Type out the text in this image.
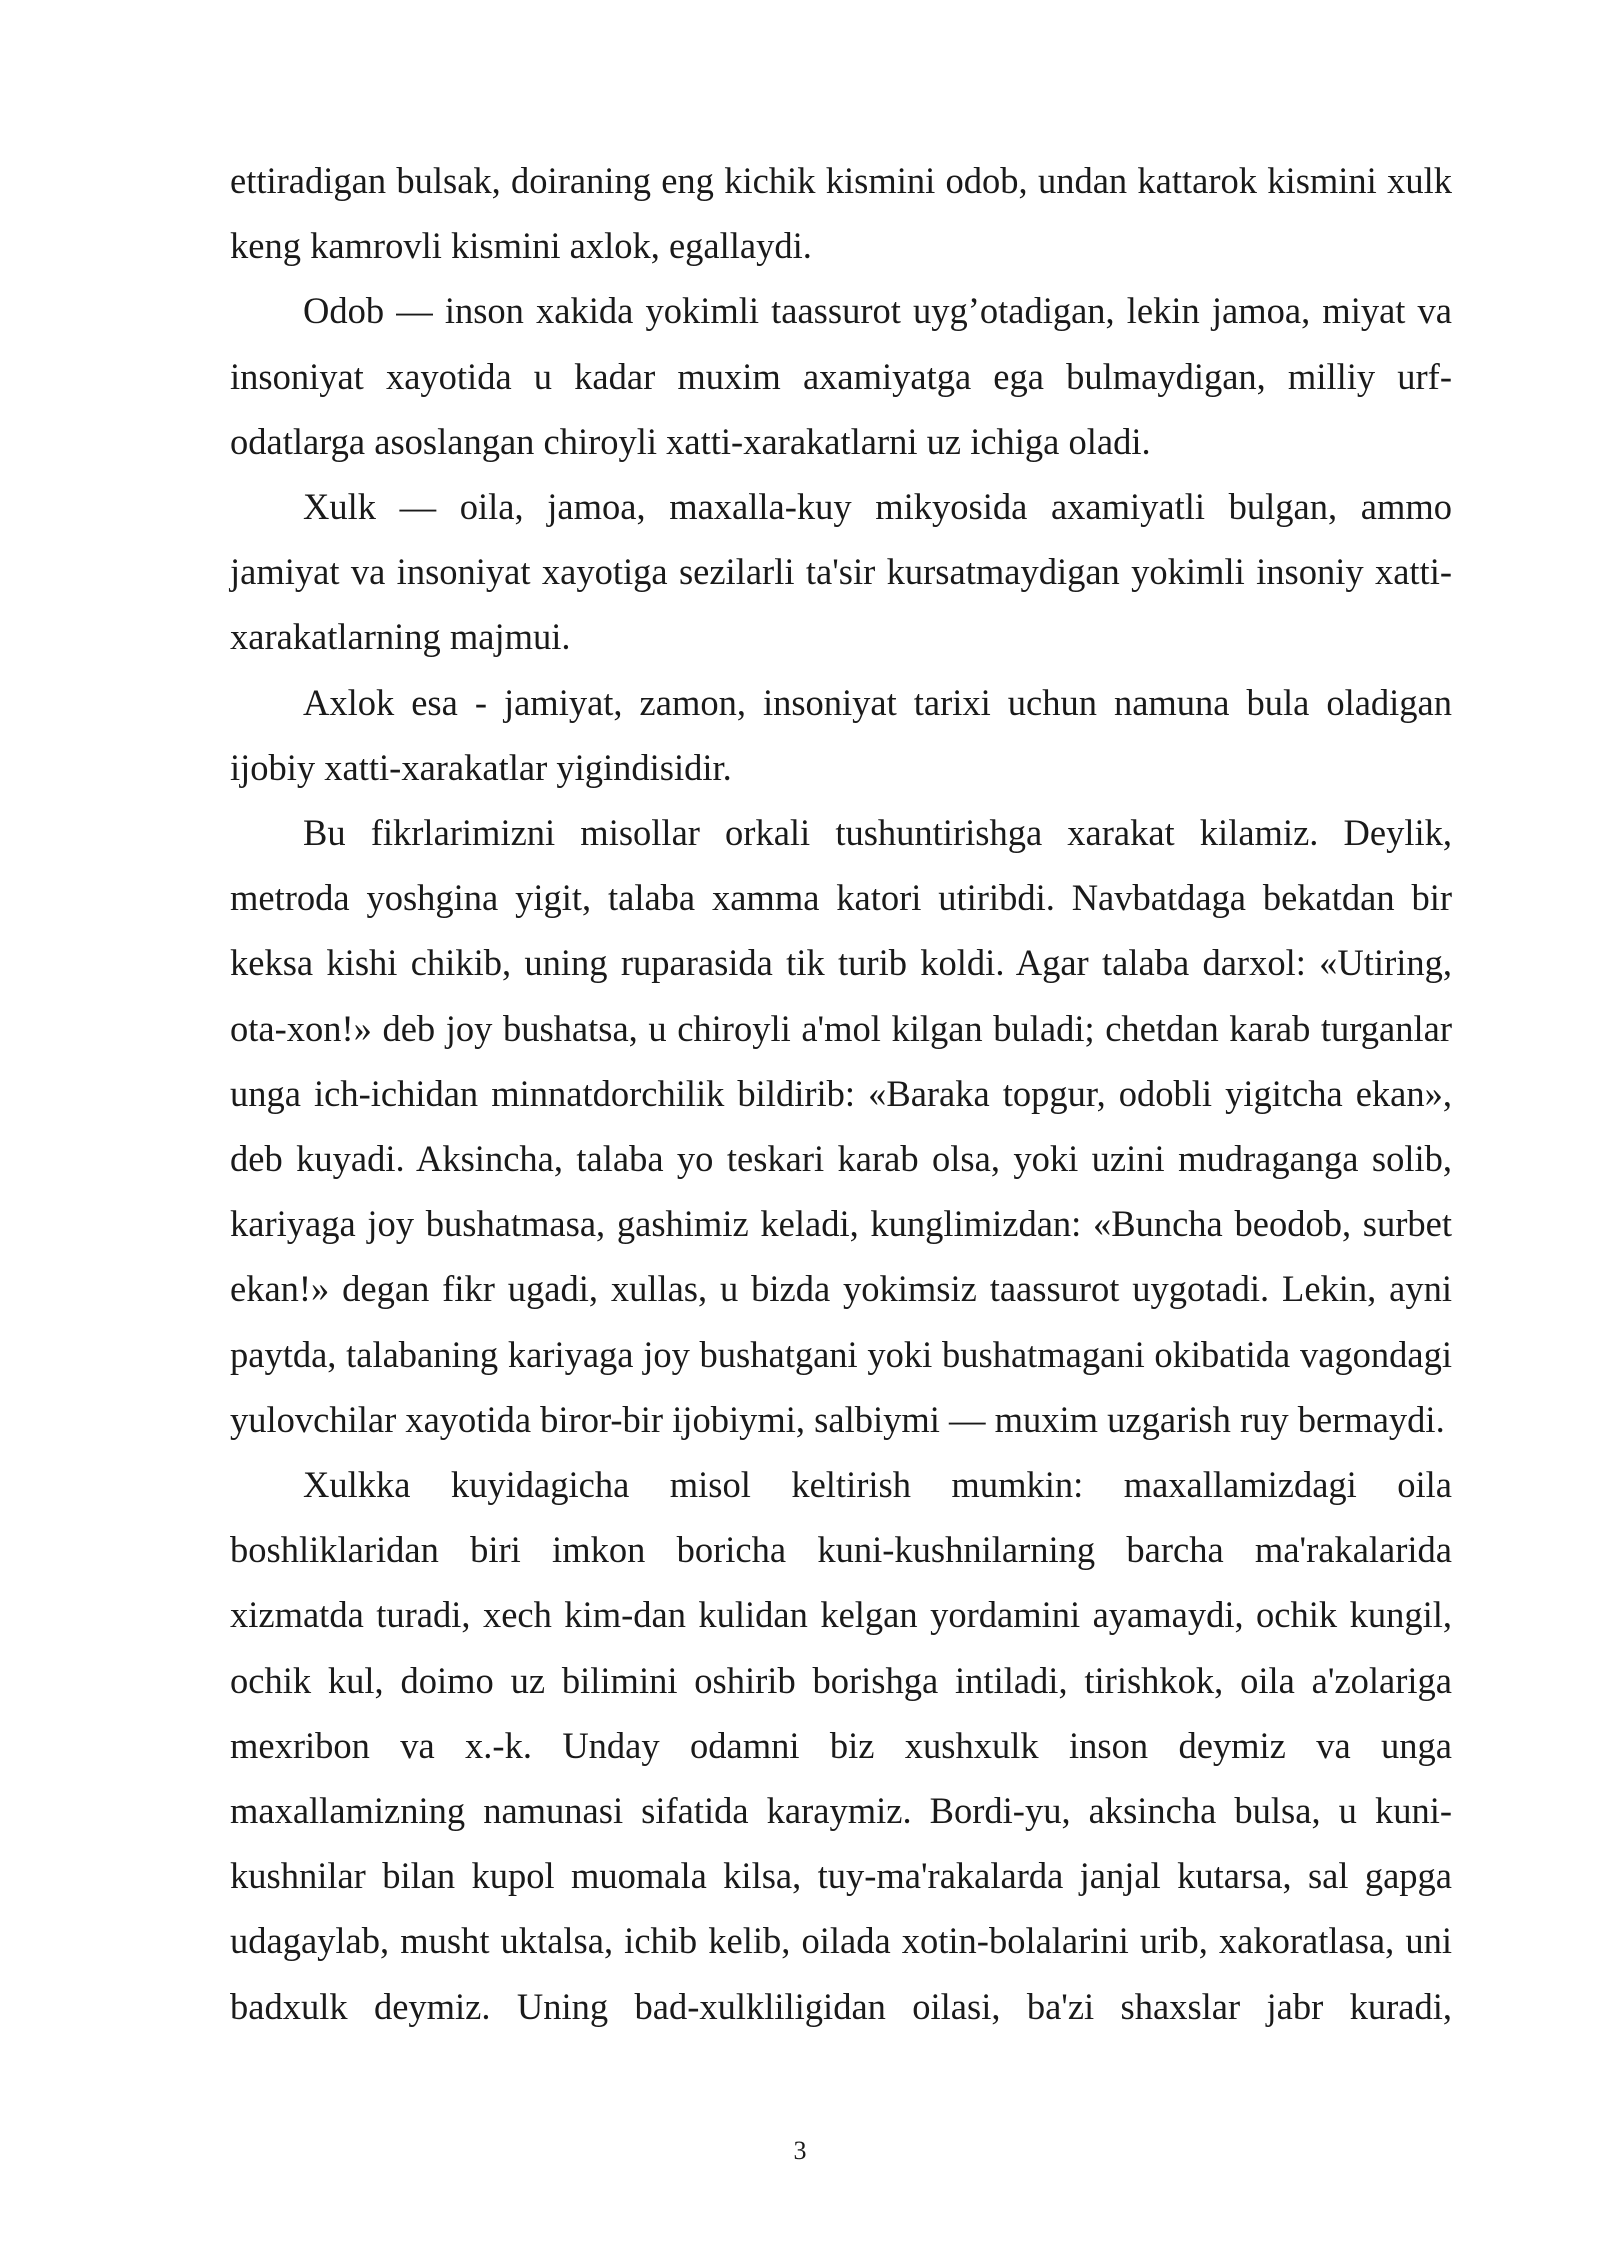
ettiradigan bulsak, doiraning eng kichik kismini odob, undan kattarok kismini xulk keng kamrovli kismini axlok, egallaydi.

Odob — inson xakida yokimli taassurot uyg’otadigan, lekin jamoa, miyat va insoniyat xayotida u kadar muxim axamiyatga ega bulmaydigan, milliy urf-odatlarga asoslangan chiroyli xatti-xarakatlarni uz ichiga oladi.

Xulk — oila, jamoa, maxalla-kuy mikyosida axamiyatli bulgan, ammo jamiyat va insoniyat xayotiga sezilarli ta'sir kursatmaydigan yokimli insoniy xatti-xarakatlarning majmui.

Axlok esa - jamiyat, zamon, insoniyat tarixi uchun namuna bula oladigan ijobiy xatti-xarakatlar yigindisidir.

Bu fikrlarimizni misollar orkali tushuntirishga xarakat kilamiz. Deylik, metroda yoshgina yigit, talaba xamma katori utiribdi. Navbatdaga bekatdan bir keksa kishi chikib, uning ruparasida tik turib koldi. Agar talaba darxol: «Utiring, ota-xon!» deb joy bushatsa, u chiroyli a'mol kilgan buladi; chetdan karab turganlar unga ich-ichidan minnatdorchilik bildirib: «Baraka topgur, odobli yigitcha ekan», deb kuyadi. Aksincha, talaba yo teskari karab olsa, yoki uzini mudraganga solib, kariyaga joy bushatmasa, gashimiz keladi, kunglimizdan: «Buncha beodob, surbet ekan!» degan fikr ugadi, xullas, u bizda yokimsiz taassurot uygotadi. Lekin, ayni paytda, talabaning kariyaga joy bushatgani yoki bushatmagani okibatida vagondagi yulovchilar xayotida biror-bir ijobiymi, salbiymi — muxim uzgarish ruy bermaydi.

Xulkka kuyidagicha misol keltirish mumkin: maxallamizdagi oila boshliklaridan biri imkon boricha kuni-kushnilarning barcha ma'rakalarida xizmatda turadi, xech kim-dan kulidan kelgan yordamini ayamaydi, ochik kungil, ochik kul, doimo uz bilimini oshirib borishga intiladi, tirishkok, oila a'zolariga mexribon va x.-k. Unday odamni biz xushxulk inson deymiz va unga maxallamizning namunasi sifatida karaymiz. Bordi-yu, aksincha bulsa, u kuni-kushnilar bilan kupol muomala kilsa, tuy-ma'rakalarda janjal kutarsa, sal gapga udagaylab, musht uktalsa, ichib kelib, oilada xotin-bolalarini urib, xakoratlasa, uni badxulk deymiz. Uning bad-xulkliligidan oilasi, ba'zi shaxslar jabr kuradi,

3
